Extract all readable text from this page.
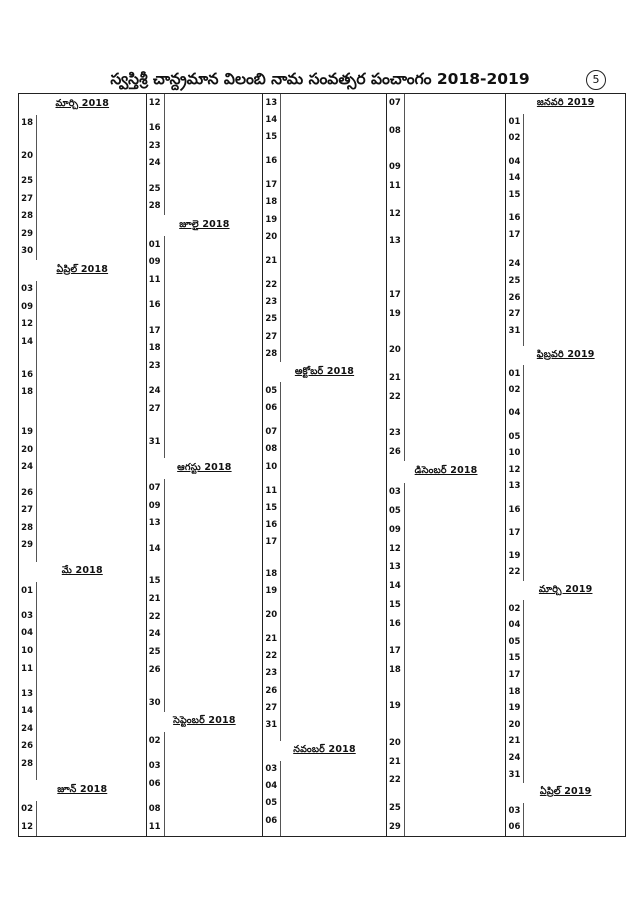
స్వస్తిశ్రీ చాన్ద్రమాన విలంబి నామ సంవత్సర పంచాంగం 2018-2019	5
మార్చి 2018
18
20
25
27
28
29
30
ఏప్రిల్ 2018
03
09
12
14
16
18
19
20
24
26
27
28
29
మే 2018
01
03
04
10
11
13
14
24
26
28
జూన్ 2018
02
12
12
16
23
24
25
28
జూలై 2018
01
09
11
16
17
18
23
24
27
31
ఆగస్టు 2018
07
09
13
14
15
21
22
24
25
26
30
సెప్టెంబర్ 2018
02
03
06
08
11
13
14
15
16
17
18
19
20
21
22
23
25
27
28
అక్టోబర్ 2018
05
06
07
08
10
11
15
16
17
18
19
20
21
22
23
26
27
31
నవంబర్ 2018
03
04
05
06
07
08
09
11
12
13
17
19
20
21
22
23
26
డిసెంబర్ 2018
03
05
09
12
13
14
15
16
17
18
19
20
21
22
25
29
జనవరి 2019
01
02
04
14
15
16
17
24
25
26
27
31
ఫిబ్రవరి 2019
01
02
04
05
10
12
13
16
17
19
22
మార్చి 2019
02
04
05
15
17
18
19
20
21
24
31
ఏప్రిల్ 2019
03
06
